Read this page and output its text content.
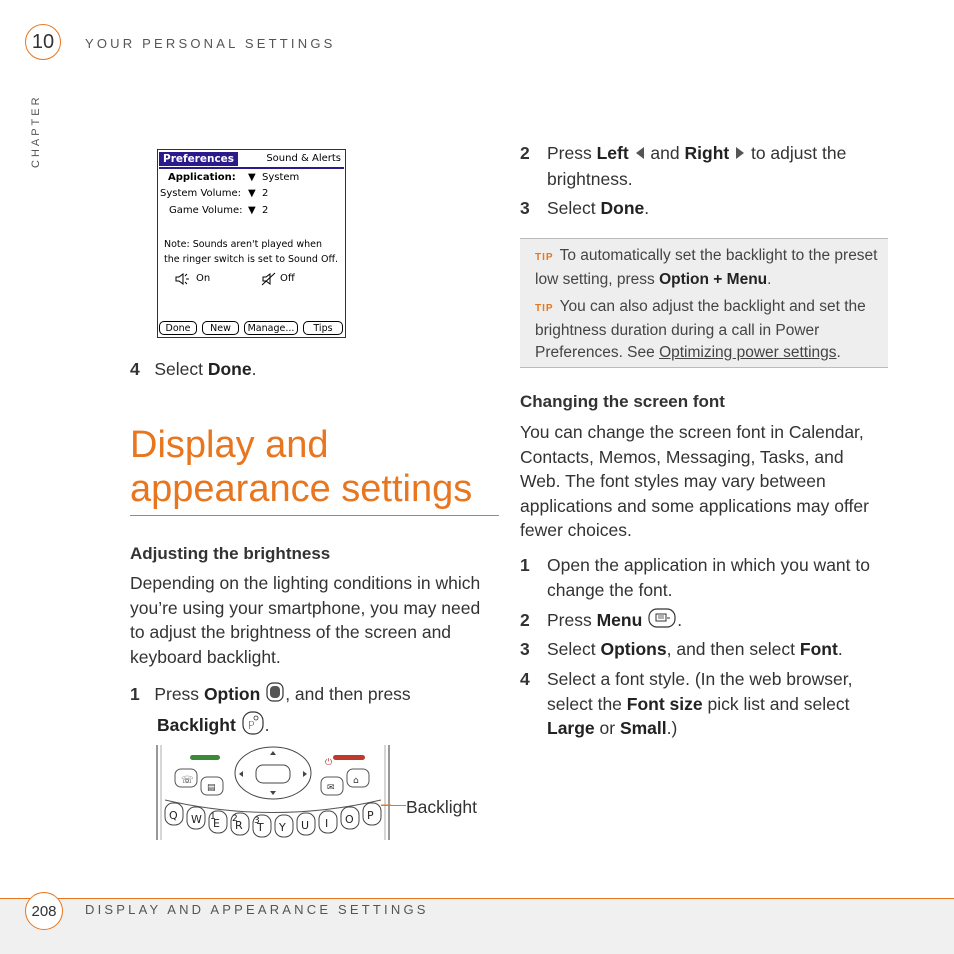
10 YOUR PERSONAL SETTINGS
CHAPTER	Preferences	Sound & Alerts
Application: ▼ System
System Volume: ▼ 2
Game Volume: ▼ 2
Note: Sounds aren't played when
the ringer switch is set to Sound Off.
On	Off
Done	New	Manage...	Tips
4 Select Done.
Display and
appearance settings
Adjusting the brightness
Depending on the lighting conditions in which you’re using your smartphone, you may need to adjust the brightness of the screen and keyboard backlight.
1 Press Option , and then press
Backlight P .
☏
▤	✉
⌂
⏻
Q W E R T Y U I O P
1 2 3
Backlight
2 Press Left  and Right  to adjust the brightness.
3 Select Done.
TIP To automatically set the backlight to the preset low setting, press Option + Menu.
TIP You can also adjust the backlight and set the brightness duration during a call in Power Preferences. See Optimizing power settings.
Changing the screen font
You can change the screen font in Calendar, Contacts, Memos, Messaging, Tasks, and Web. The font styles may vary between applications and some applications may offer fewer choices.
1 Open the application in which you want to change the font.
2 Press Menu .
3 Select Options, and then select Font.
4 Select a font style. (In the web browser, select the Font size pick list and select Large or Small.)
208 DISPLAY AND APPEARANCE SETTINGS
